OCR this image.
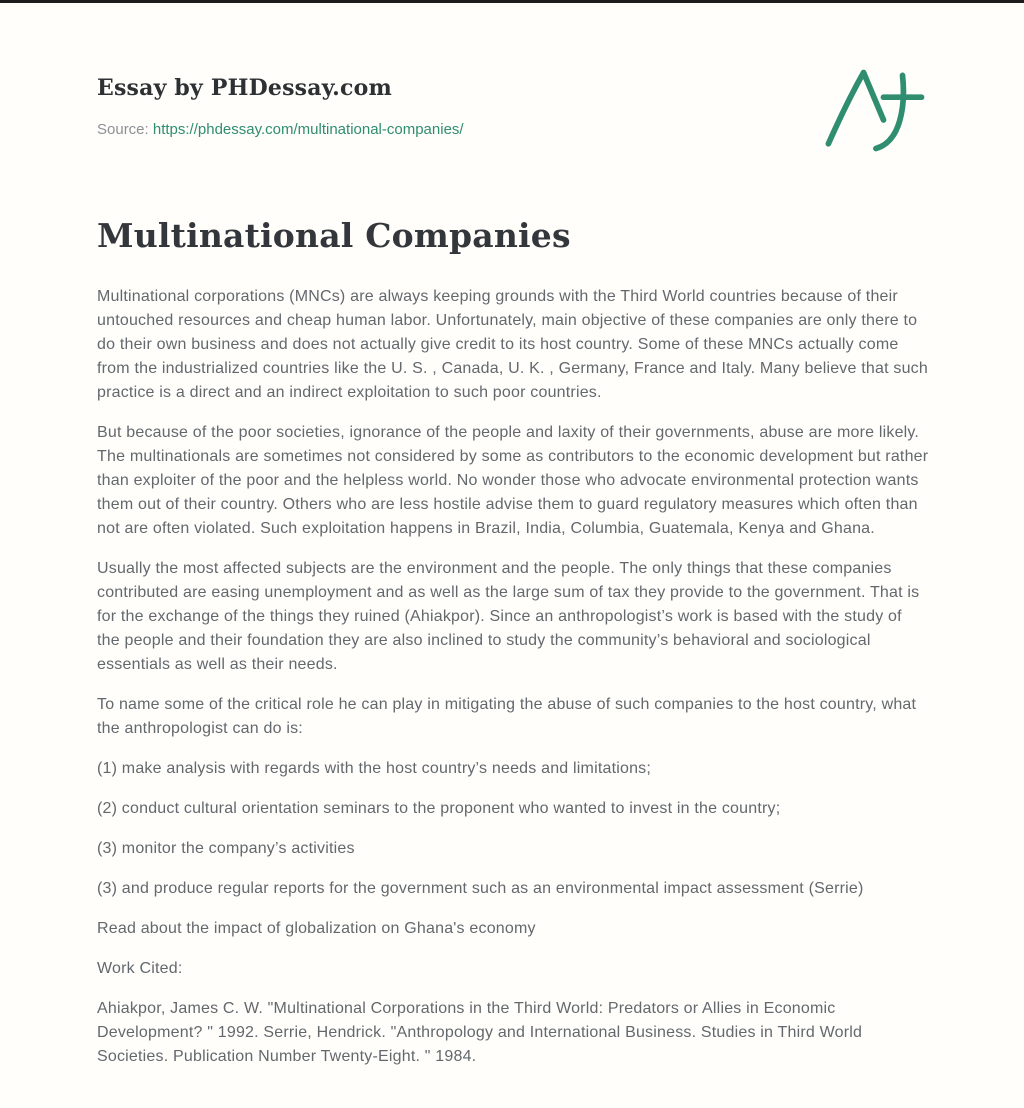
Essay by PHDessay.com
Source: https://phdessay.com/multinational-companies/
Multinational Companies

Multinational corporations (MNCs) are always keeping grounds with the Third World countries because of their untouched resources and cheap human labor. Unfortunately, main objective of these companies are only there to do their own business and does not actually give credit to its host country. Some of these MNCs actually come from the industrialized countries like the U. S. , Canada, U. K. , Germany, France and Italy. Many believe that such practice is a direct and an indirect exploitation to such poor countries.

But because of the poor societies, ignorance of the people and laxity of their governments, abuse are more likely. The multinationals are sometimes not considered by some as contributors to the economic development but rather than exploiter of the poor and the helpless world. No wonder those who advocate environmental protection wants them out of their country. Others who are less hostile advise them to guard regulatory measures which often than not are often violated. Such exploitation happens in Brazil, India, Columbia, Guatemala, Kenya and Ghana.

Usually the most affected subjects are the environment and the people. The only things that these companies contributed are easing unemployment and as well as the large sum of tax they provide to the government. That is for the exchange of the things they ruined (Ahiakpor). Since an anthropologist’s work is based with the study of the people and their foundation they are also inclined to study the community’s behavioral and sociological essentials as well as their needs.

To name some of the critical role he can play in mitigating the abuse of such companies to the host country, what the anthropologist can do is:

(1) make analysis with regards with the host country’s needs and limitations;

(2) conduct cultural orientation seminars to the proponent who wanted to invest in the country;

(3) monitor the company’s activities

(3) and produce regular reports for the government such as an environmental impact assessment (Serrie)

Read about the impact of globalization on Ghana's economy

Work Cited:

Ahiakpor, James C. W. "Multinational Corporations in the Third World: Predators or Allies in Economic Development? " 1992. Serrie, Hendrick. "Anthropology and International Business. Studies in Third World Societies. Publication Number Twenty-Eight. " 1984.
